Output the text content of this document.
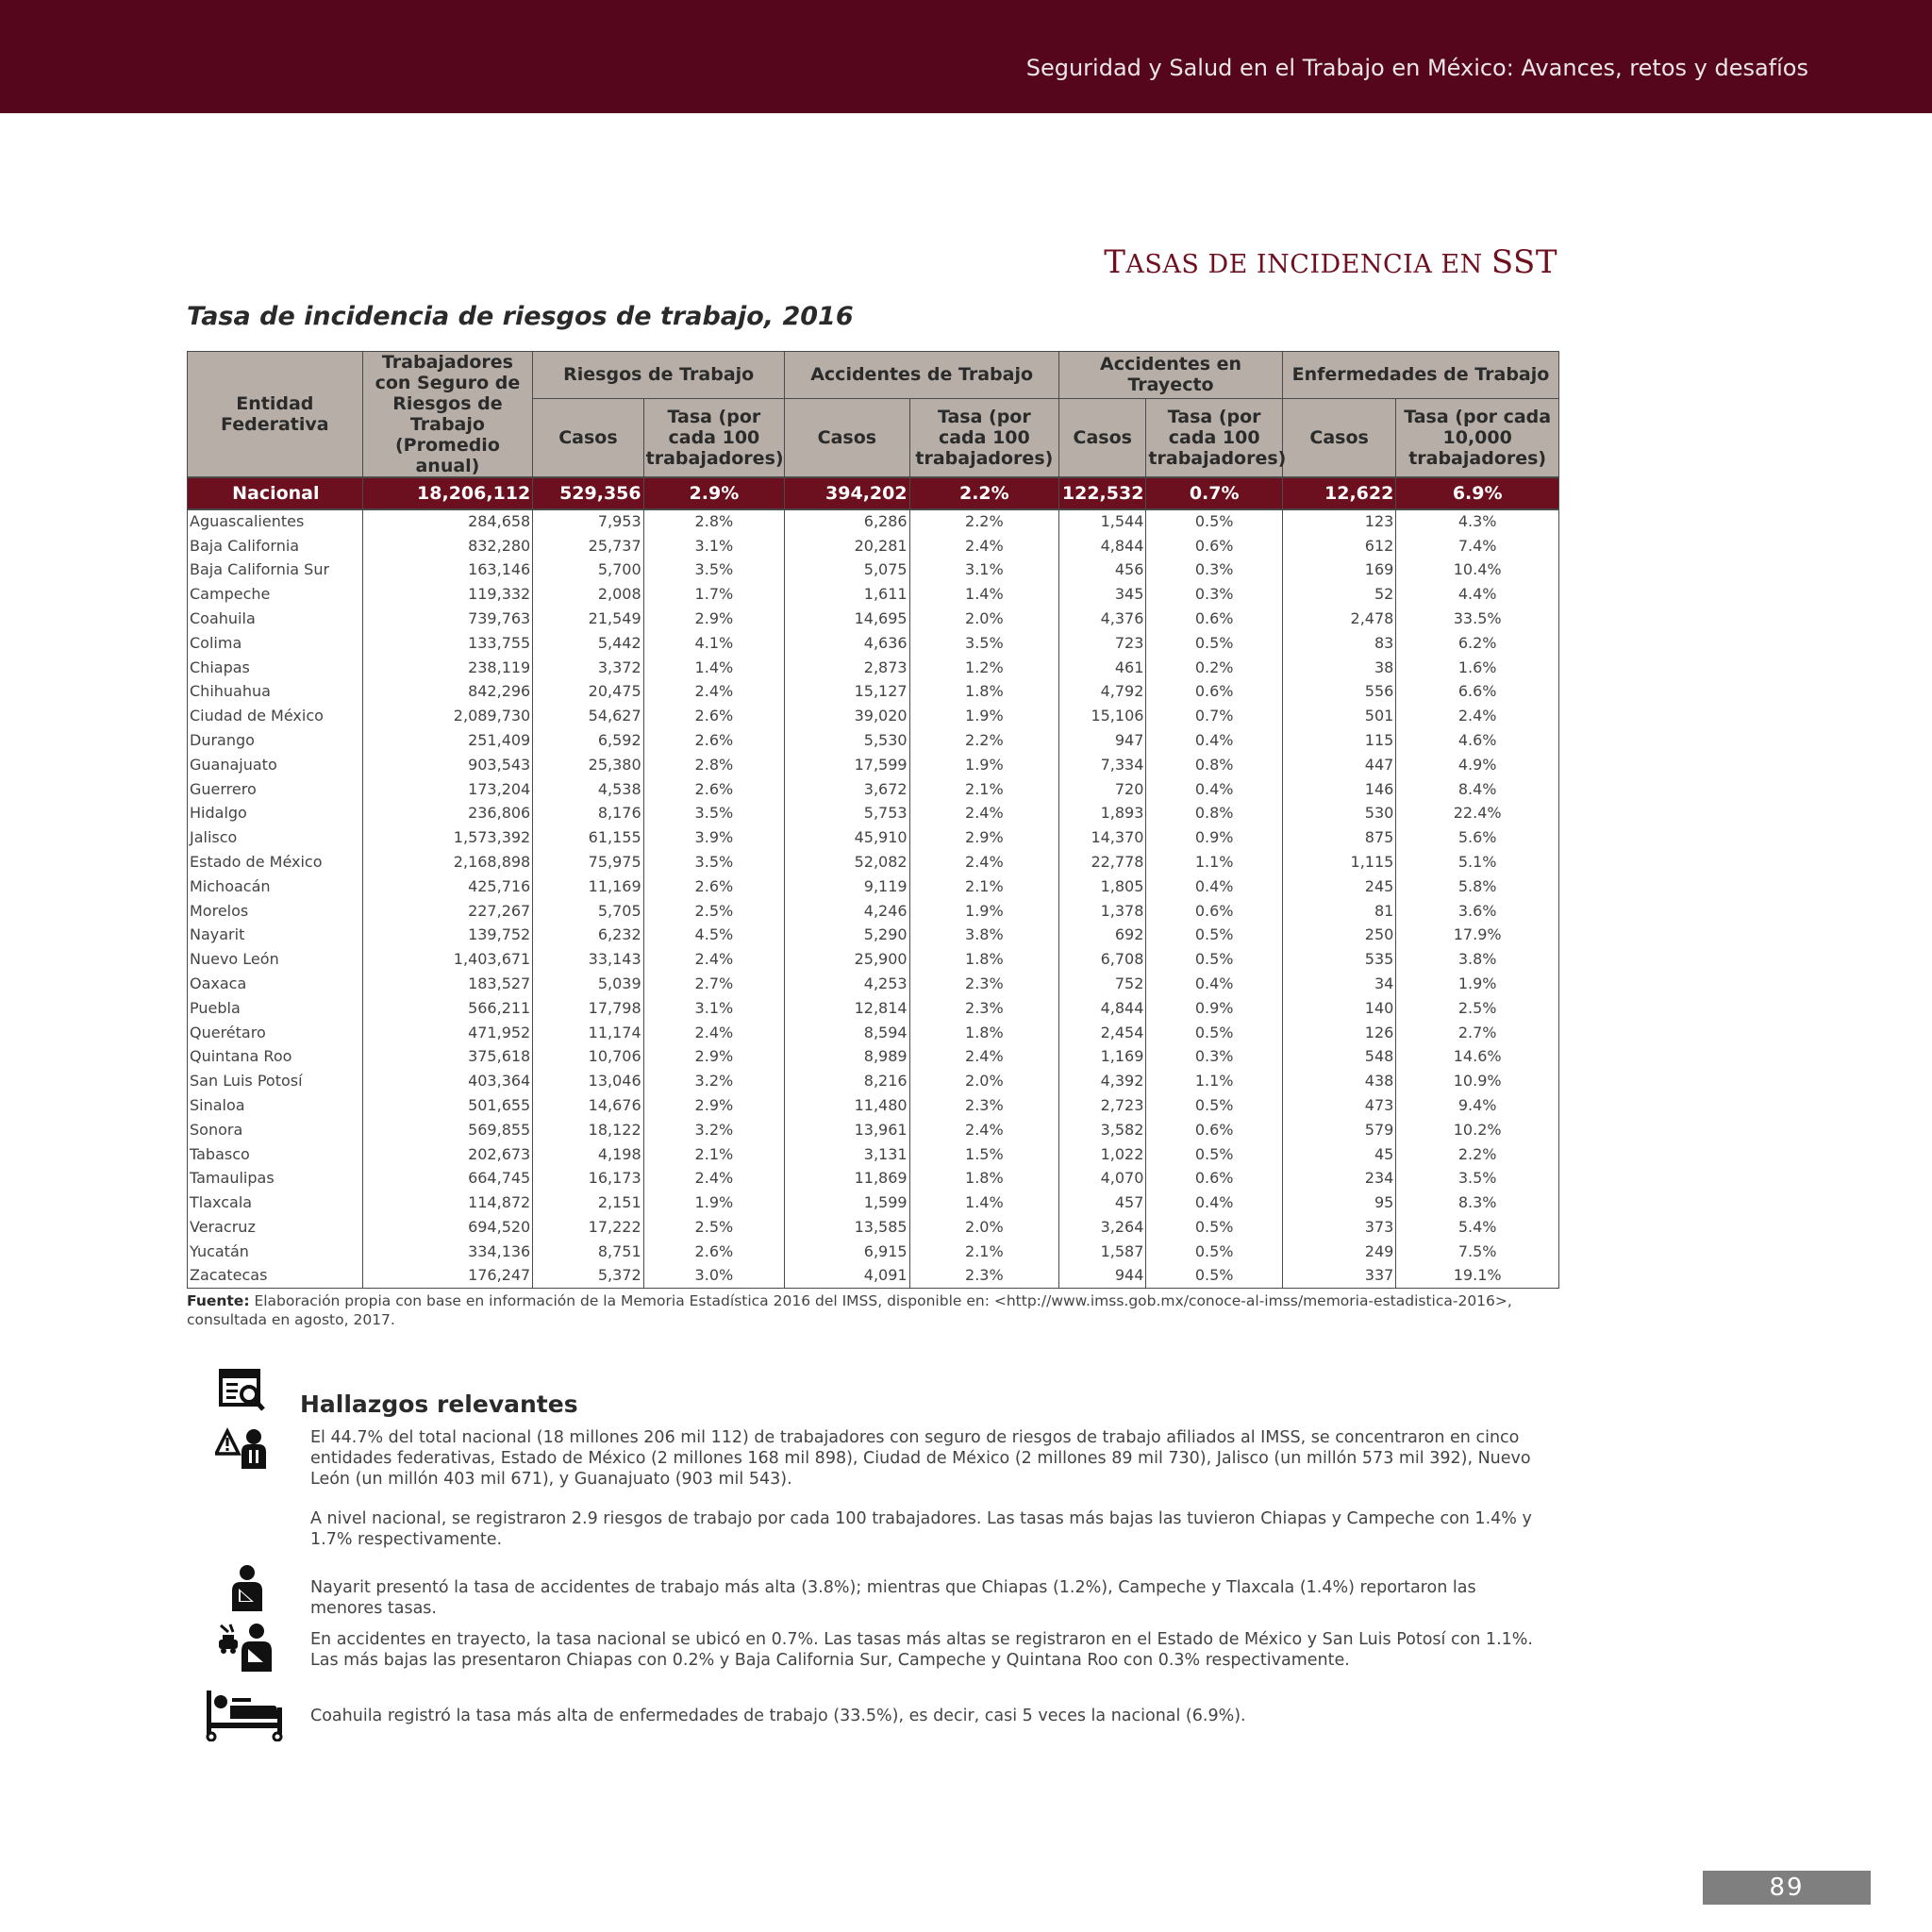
Seguridad y Salud en el Trabajo en México: Avances, retos y desafíos
TASAS DE INCIDENCIA EN SST
Tasa de incidencia de riesgos de trabajo, 2016
Entidad Federativa	Trabajadores con Seguro de Riesgos de Trabajo (Promedio anual)	Riesgos de Trabajo		Accidentes de Trabajo		Accidentes en Trayecto		Enfermedades de Trabajo	
		Casos	Tasa (por cada 100 trabajadores)	Casos	Tasa (por cada 100 trabajadores)	Casos	Tasa (por cada 100 trabajadores)	Casos	Tasa (por cada 10,000 trabajadores)
Nacional	18,206,112	529,356	2.9%	394,202	2.2%	122,532	0.7%	12,622	6.9%
Aguascalientes	284,658	7,953	2.8%	6,286	2.2%	1,544	0.5%	123	4.3%
Baja California	832,280	25,737	3.1%	20,281	2.4%	4,844	0.6%	612	7.4%
Baja California Sur	163,146	5,700	3.5%	5,075	3.1%	456	0.3%	169	10.4%
Campeche	119,332	2,008	1.7%	1,611	1.4%	345	0.3%	52	4.4%
Coahuila	739,763	21,549	2.9%	14,695	2.0%	4,376	0.6%	2,478	33.5%
Colima	133,755	5,442	4.1%	4,636	3.5%	723	0.5%	83	6.2%
Chiapas	238,119	3,372	1.4%	2,873	1.2%	461	0.2%	38	1.6%
Chihuahua	842,296	20,475	2.4%	15,127	1.8%	4,792	0.6%	556	6.6%
Ciudad de México	2,089,730	54,627	2.6%	39,020	1.9%	15,106	0.7%	501	2.4%
Durango	251,409	6,592	2.6%	5,530	2.2%	947	0.4%	115	4.6%
Guanajuato	903,543	25,380	2.8%	17,599	1.9%	7,334	0.8%	447	4.9%
Guerrero	173,204	4,538	2.6%	3,672	2.1%	720	0.4%	146	8.4%
Hidalgo	236,806	8,176	3.5%	5,753	2.4%	1,893	0.8%	530	22.4%
Jalisco	1,573,392	61,155	3.9%	45,910	2.9%	14,370	0.9%	875	5.6%
Estado de México	2,168,898	75,975	3.5%	52,082	2.4%	22,778	1.1%	1,115	5.1%
Michoacán	425,716	11,169	2.6%	9,119	2.1%	1,805	0.4%	245	5.8%
Morelos	227,267	5,705	2.5%	4,246	1.9%	1,378	0.6%	81	3.6%
Nayarit	139,752	6,232	4.5%	5,290	3.8%	692	0.5%	250	17.9%
Nuevo León	1,403,671	33,143	2.4%	25,900	1.8%	6,708	0.5%	535	3.8%
Oaxaca	183,527	5,039	2.7%	4,253	2.3%	752	0.4%	34	1.9%
Puebla	566,211	17,798	3.1%	12,814	2.3%	4,844	0.9%	140	2.5%
Querétaro	471,952	11,174	2.4%	8,594	1.8%	2,454	0.5%	126	2.7%
Quintana Roo	375,618	10,706	2.9%	8,989	2.4%	1,169	0.3%	548	14.6%
San Luis Potosí	403,364	13,046	3.2%	8,216	2.0%	4,392	1.1%	438	10.9%
Sinaloa	501,655	14,676	2.9%	11,480	2.3%	2,723	0.5%	473	9.4%
Sonora	569,855	18,122	3.2%	13,961	2.4%	3,582	0.6%	579	10.2%
Tabasco	202,673	4,198	2.1%	3,131	1.5%	1,022	0.5%	45	2.2%
Tamaulipas	664,745	16,173	2.4%	11,869	1.8%	4,070	0.6%	234	3.5%
Tlaxcala	114,872	2,151	1.9%	1,599	1.4%	457	0.4%	95	8.3%
Veracruz	694,520	17,222	2.5%	13,585	2.0%	3,264	0.5%	373	5.4%
Yucatán	334,136	8,751	2.6%	6,915	2.1%	1,587	0.5%	249	7.5%
Zacatecas	176,247	5,372	3.0%	4,091	2.3%	944	0.5%	337	19.1%
Fuente: Elaboración propia con base en información de la Memoria Estadística 2016 del IMSS, disponible en: <http://www.imss.gob.mx/conoce-al-imss/memoria-estadistica-2016>, consultada en agosto, 2017.
Hallazgos relevantes
El 44.7% del total nacional (18 millones 206 mil 112) de trabajadores con seguro de riesgos de trabajo afiliados al IMSS, se concentraron en cinco entidades federativas, Estado de México (2 millones 168 mil 898), Ciudad de México (2 millones 89 mil 730), Jalisco (un millón 573 mil 392), Nuevo León (un millón 403 mil 671), y Guanajuato (903 mil 543).
A nivel nacional, se registraron 2.9 riesgos de trabajo por cada 100 trabajadores. Las tasas más bajas las tuvieron Chiapas y Campeche con 1.4% y 1.7% respectivamente.
Nayarit presentó la tasa de accidentes de trabajo más alta (3.8%); mientras que Chiapas (1.2%), Campeche y Tlaxcala (1.4%) reportaron las menores tasas.
En accidentes en trayecto, la tasa nacional se ubicó en 0.7%. Las tasas más altas se registraron en el Estado de México y San Luis Potosí con 1.1%. Las más bajas las presentaron Chiapas con 0.2% y Baja California Sur, Campeche y Quintana Roo con 0.3% respectivamente.
Coahuila registró la tasa más alta de enfermedades de trabajo (33.5%), es decir, casi 5 veces la nacional (6.9%).
89
